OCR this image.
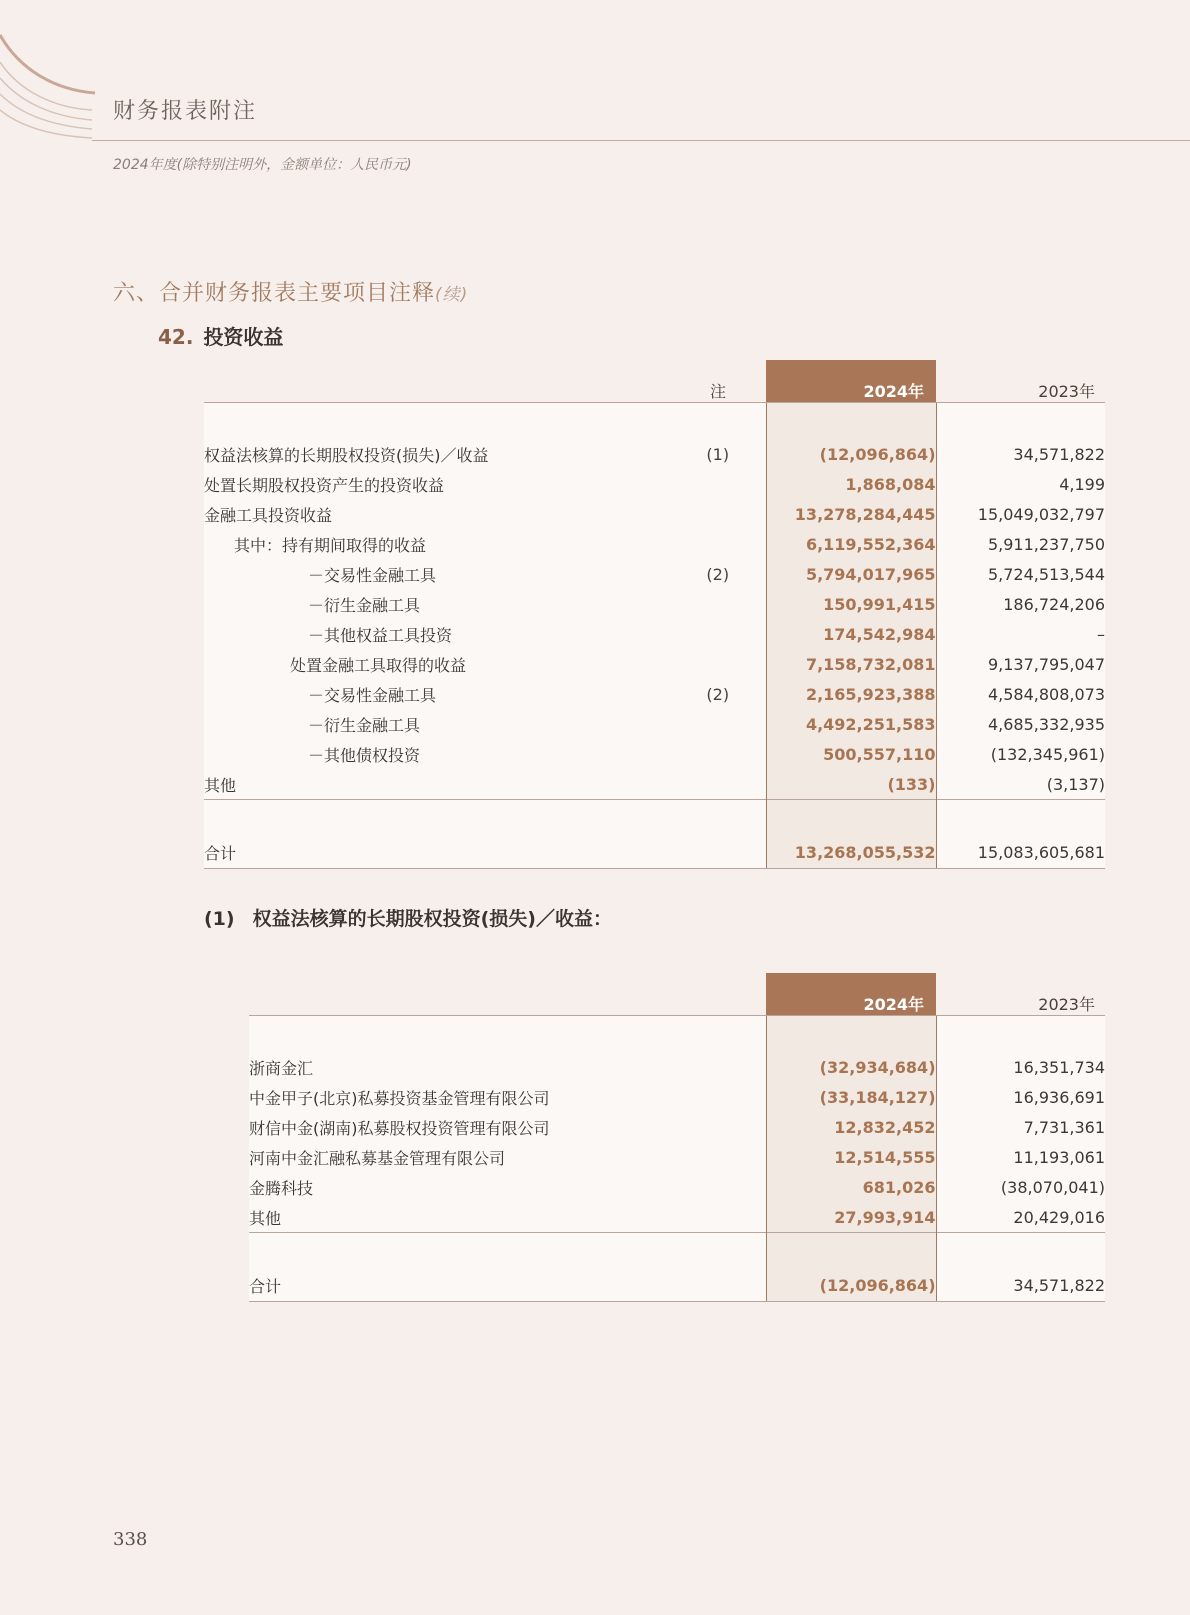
财务报表附注
2024年度(除特别注明外，金额单位：人民币元)
六、合并财务报表主要项目注释(续)
42. 投资收益
	注	2024年	2023年

权益法核算的长期股权投资(损失)／收益	(1)	(12,096,864)	34,571,822
处置长期股权投资产生的投资收益		1,868,084	4,199
金融工具投资收益		13,278,284,445	15,049,032,797
其中：持有期间取得的收益		6,119,552,364	5,911,237,750
－交易性金融工具	(2)	5,794,017,965	5,724,513,544
－衍生金融工具		150,991,415	186,724,206
－其他权益工具投资		174,542,984	–
处置金融工具取得的收益		7,158,732,081	9,137,795,047
－交易性金融工具	(2)	2,165,923,388	4,584,808,073
－衍生金融工具		4,492,251,583	4,685,332,935
－其他债权投资		500,557,110	(132,345,961)
其他		(133)	(3,137)

合计		13,268,055,532	15,083,605,681
(1) 权益法核算的长期股权投资(损失)／收益：
	2024年	2023年

浙商金汇	(32,934,684)	16,351,734
中金甲子(北京)私募投资基金管理有限公司	(33,184,127)	16,936,691
财信中金(湖南)私募股权投资管理有限公司	12,832,452	7,731,361
河南中金汇融私募基金管理有限公司	12,514,555	11,193,061
金腾科技	681,026	(38,070,041)
其他	27,993,914	20,429,016

合计	(12,096,864)	34,571,822
338
